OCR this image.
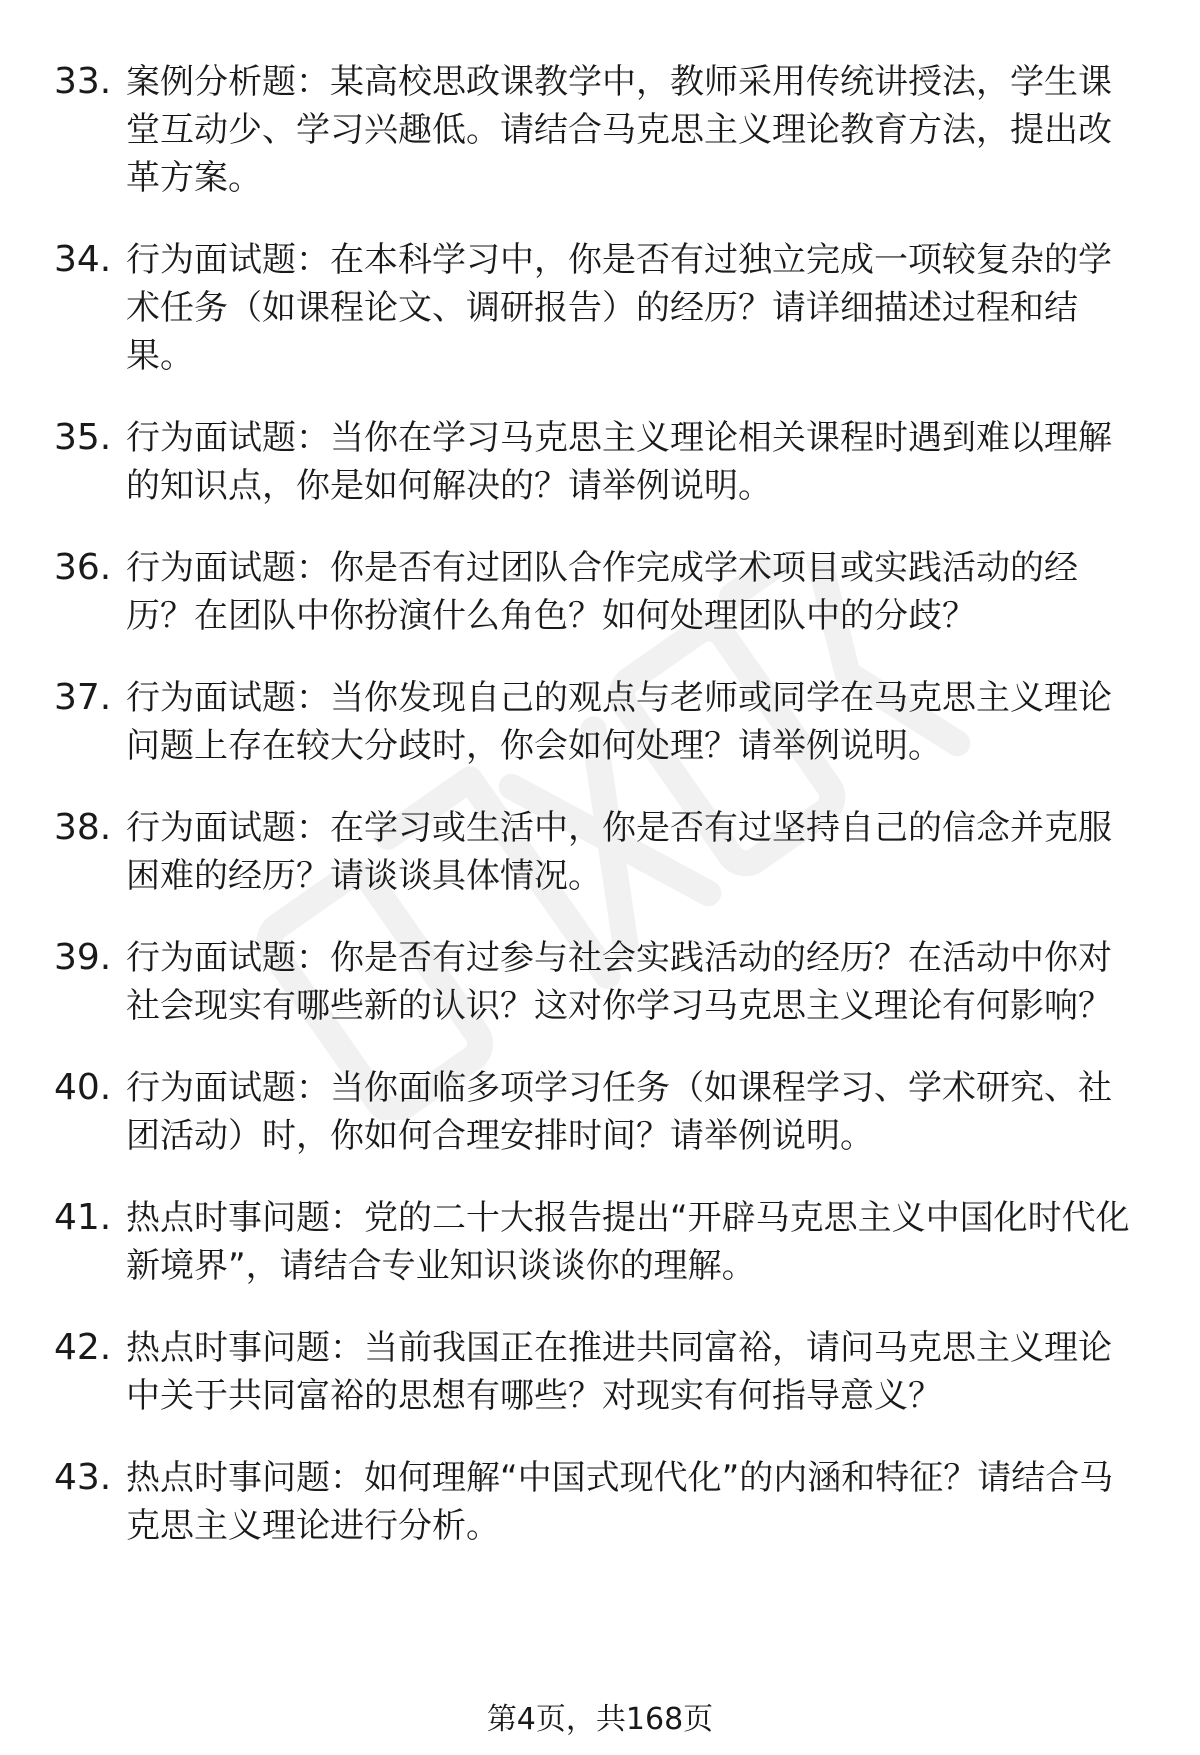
33. 案例分析题：某高校思政课教学中，教师采用传统讲授法，学生课堂互动少、学习兴趣低。请结合马克思主义理论教育方法，提出改革方案。
34. 行为面试题：在本科学习中，你是否有过独立完成一项较复杂的学术任务（如课程论文、调研报告）的经历？请详细描述过程和结果。
35. 行为面试题：当你在学习马克思主义理论相关课程时遇到难以理解的知识点，你是如何解决的？请举例说明。
36. 行为面试题：你是否有过团队合作完成学术项目或实践活动的经历？在团队中你扮演什么角色？如何处理团队中的分歧？
37. 行为面试题：当你发现自己的观点与老师或同学在马克思主义理论问题上存在较大分歧时，你会如何处理？请举例说明。
38. 行为面试题：在学习或生活中，你是否有过坚持自己的信念并克服困难的经历？请谈谈具体情况。
39. 行为面试题：你是否有过参与社会实践活动的经历？在活动中你对社会现实有哪些新的认识？这对你学习马克思主义理论有何影响？
40. 行为面试题：当你面临多项学习任务（如课程学习、学术研究、社团活动）时，你如何合理安排时间？请举例说明。
41. 热点时事问题：党的二十大报告提出“开辟马克思主义中国化时代化新境界”，请结合专业知识谈谈你的理解。
42. 热点时事问题：当前我国正在推进共同富裕，请问马克思主义理论中关于共同富裕的思想有哪些？对现实有何指导意义？
43. 热点时事问题：如何理解“中国式现代化”的内涵和特征？请结合马克思主义理论进行分析。
第4页，共168页
